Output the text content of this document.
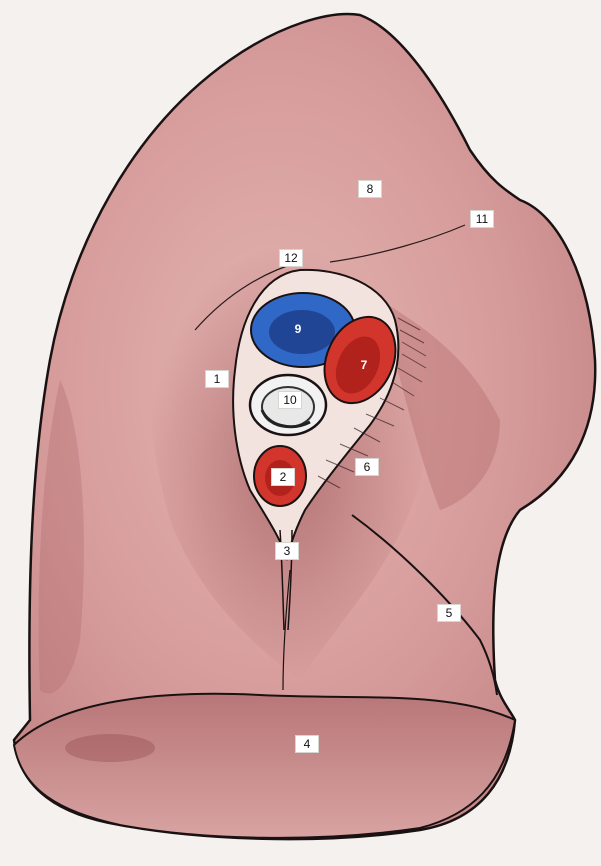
9
7
8
11
12
1
10
6
2
3
5
4
